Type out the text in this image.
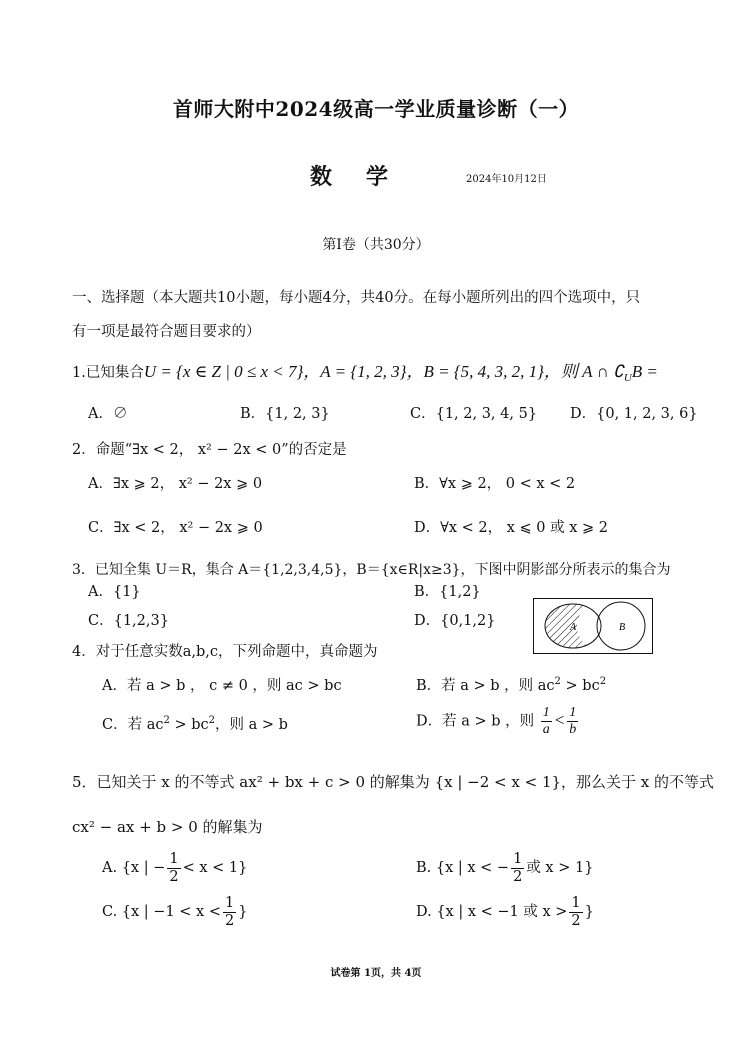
首师大附中2024级高一学业质量诊断（一）
数学	2024年10月12日
第I卷（共30分）
一、选择题（本大题共10小题，每小题4分，共40分。在每小题所列出的四个选项中，只
有一项是最符合题目要求的）
1.已知集合U = {x ∈ Z | 0 ≤ x < 7}，A = {1, 2, 3}，B = {5, 4, 3, 2, 1}，则 A ∩ $∁_UB$ =
A．∅	B．{1, 2, 3}	C．{1, 2, 3, 4, 5} D．{0, 1, 2, 3, 6}
2．命题“∃x < 2， x² − 2x < 0”的否定是
A．∃x ⩾ 2， x² − 2x ⩾ 0	B．∀x ⩾ 2， 0 < x < 2
C．∃x < 2， x² − 2x ⩾ 0	D．∀x < 2， x ⩽ 0 或 x ⩾ 2
3．已知全集 U＝R，集合 A＝{1,2,3,4,5}，B＝{x∈R|x≥3}，下图中阴影部分所表示的集合为
A．{1}	B．{1,2}
C．{1,2,3}	D．{0,1,2}	A	B
4．对于任意实数a,b,c，下列命题中，真命题为
A．若 a > b ， c ≠ 0 ，则 ac > bc	B．若 a > b ，则 $ac^2 > bc^2$
C．若 $ac^2 > bc^2$，则 a > b	D．若 a > b ，则 $\frac{1}{a} < \frac{1}{b}$
5．已知关于 x 的不等式 ax² + bx + c > 0 的解集为 {x | −2 < x < 1}，那么关于 x 的不等式
cx² − ax + b > 0 的解集为
A. {x | − $\frac{1}{2} < x < 1$}	B. {x | x < − $\frac{1}{2}$ 或 x > 1}
C. {x | $-1 < x < \frac{1}{2}$ }	D. {x | x < −1 或 $x > \frac{1}{2}$ }
试卷第 1页，共 4页
